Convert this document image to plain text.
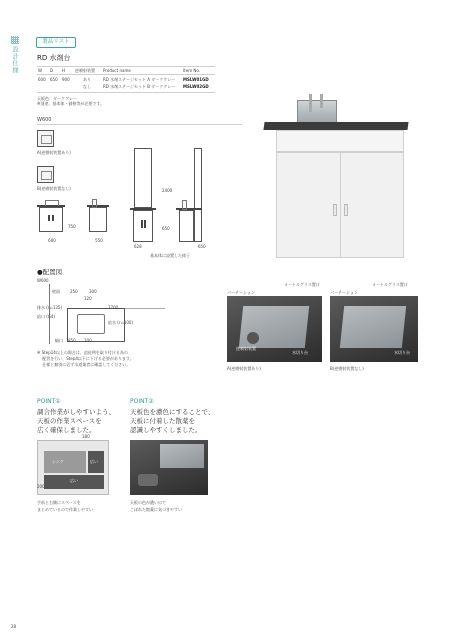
設計仕様
製品リスト
RD 水剤台
W D H 逆噴射装置 Product name	Item No.
600 650 900	あり	RD 水剤ステージセット A ダークグレー MSLW01GD
なし	RD 水剤ステージセット B ダークグレー MSLW02GD
天板色：ダークグレー
※別途、基本体・価格等が必要です。
W600
A(逆噴射装置あり)
B(逆噴射装置なし)
600
750
550
2400
650
628	650
基本体に設置した様子
●配置図
W600
壁面	250	300
120
排水 (r=135)
給口 (G4)
2700
給水 (r=100)
850
幅口	200
※ Step14以上の場合は、追従例を取り付ける為の
　 配管を行い、Step4以下に下げる必要があります。
　 仕様と無別に必ず水道業者に確認してください。
パーテーション
メートルグラス置け
逆噴射装置
水切り台
A(逆噴射装置あり)
パーテーション
メートルグラス置け
水切り台
B(逆噴射装置なし)
POINT①
調合作業がしやすいよう、
天板の作業スペースを
広く確保しました。
180
200
シンク	広い
広い
手前と右側にスペースを
まとめているので作業しやすい
POINT②
天板色を濃色にすることで、
天板に付着した散薬を
認識しやすくしました。
天板の色が濃いので
こぼれた散薬に気づきやすい
28
